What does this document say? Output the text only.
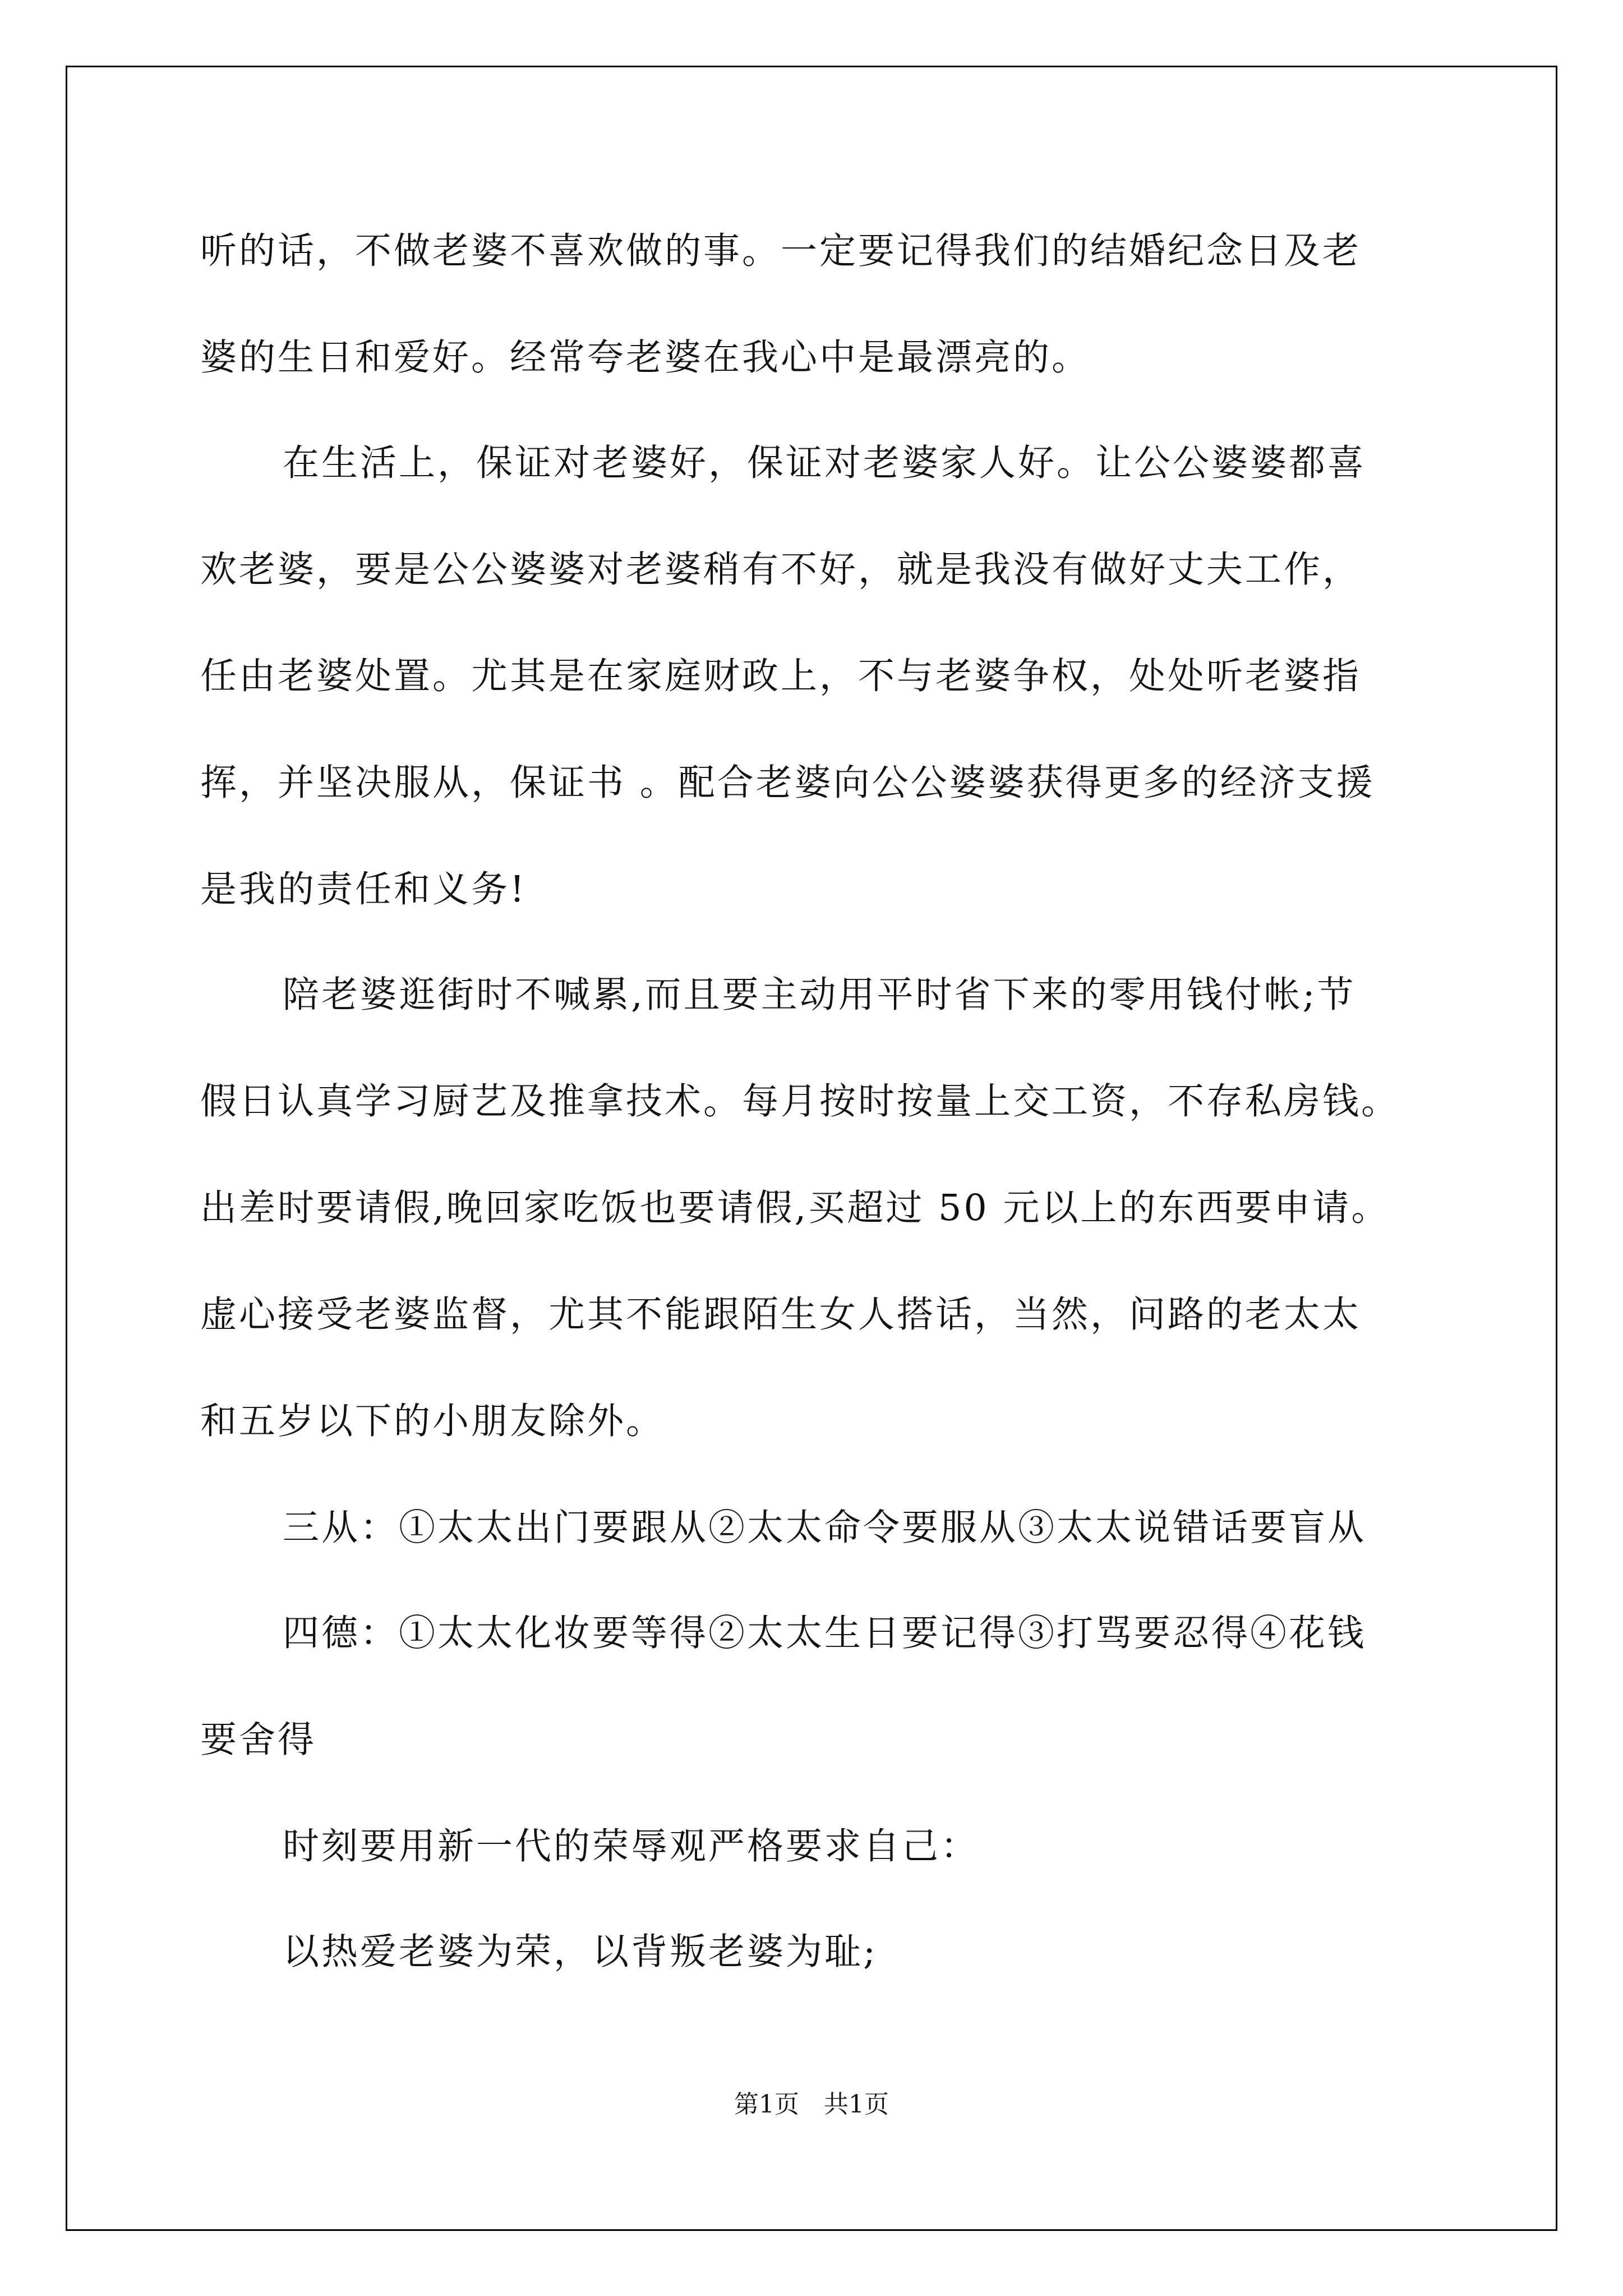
听的话，不做老婆不喜欢做的事。一定要记得我们的结婚纪念日及老
婆的生日和爱好。经常夸老婆在我心中是最漂亮的。
在生活上，保证对老婆好，保证对老婆家人好。让公公婆婆都喜
欢老婆，要是公公婆婆对老婆稍有不好，就是我没有做好丈夫工作，
任由老婆处置。尤其是在家庭财政上，不与老婆争权，处处听老婆指
挥，并坚决服从，保证书 。配合老婆向公公婆婆获得更多的经济支援
是我的责任和义务!
陪老婆逛街时不喊累,而且要主动用平时省下来的零用钱付帐;节
假日认真学习厨艺及推拿技术。每月按时按量上交工资，不存私房钱。
出差时要请假,晚回家吃饭也要请假,买超过 50 元以上的东西要申请。
虚心接受老婆监督，尤其不能跟陌生女人搭话，当然，问路的老太太
和五岁以下的小朋友除外。
三从：①太太出门要跟从②太太命令要服从③太太说错话要盲从
四德：①太太化妆要等得②太太生日要记得③打骂要忍得④花钱
要舍得
时刻要用新一代的荣辱观严格要求自己：
以热爱老婆为荣，以背叛老婆为耻;
第1页　共1页
